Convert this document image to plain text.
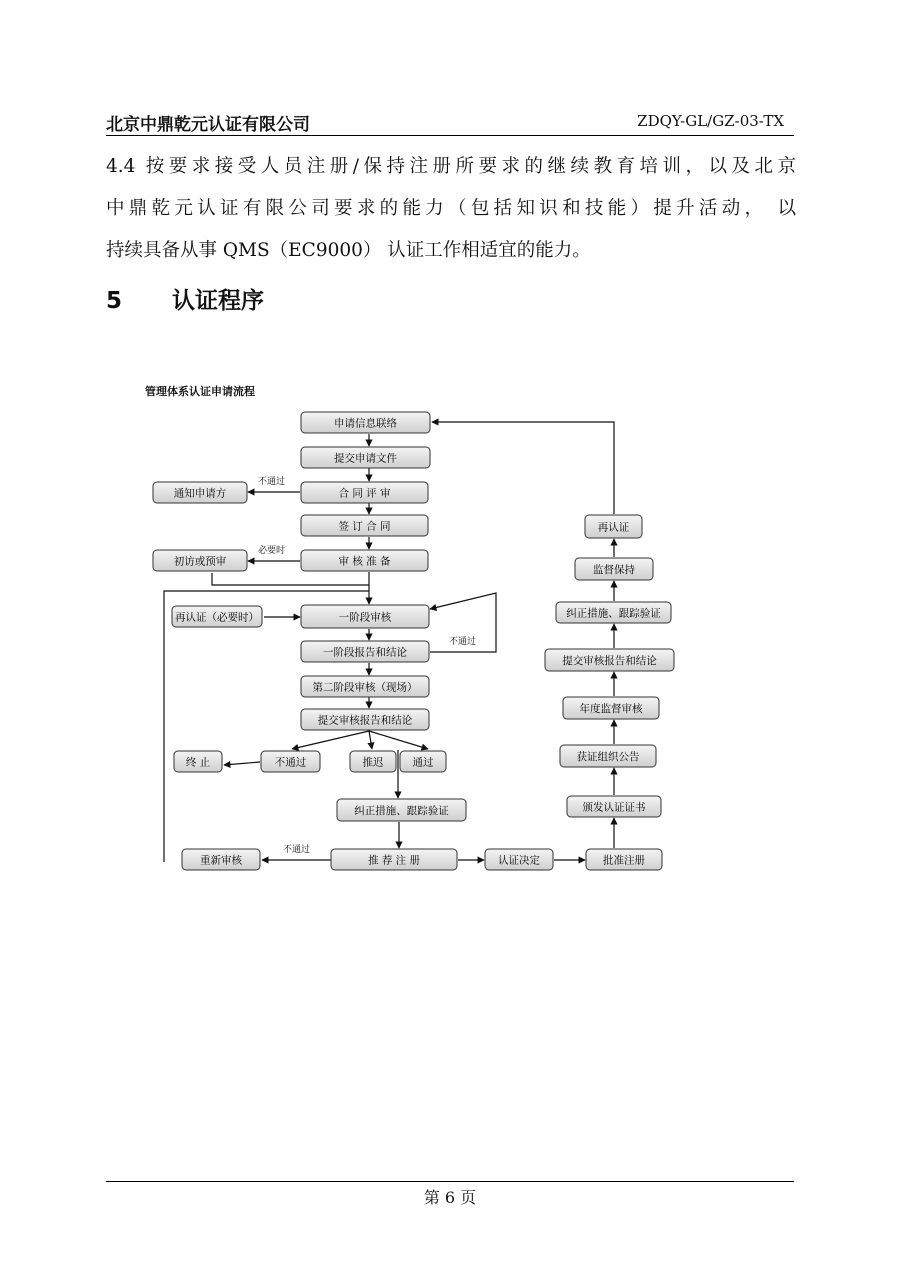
北京中鼎乾元认证有限公司	ZDQY-GL/GZ-03-TX
4.4 按要求接受人员注册/保持注册所要求的继续教育培训，以及北京
中鼎乾元认证有限公司要求的能力（包括知识和技能）提升活动， 以
持续具备从事 QMS（EC9000） 认证工作相适宜的能力。
5 认证程序
管理体系认证申请流程
不通过
必要时
不通过
不通过
申请信息联络
提交申请文件
合 同 评 审
通知申请方
签 订 合 同
审 核 准 备
初访或预审
再认证（必要时）	一阶段审核
一阶段报告和结论
第二阶段审核（现场）
提交审核报告和结论
终 止	不通过	推迟	通过
纠正措施、跟踪验证
重新审核	推 荐 注 册	认证决定	批准注册
颁发认证证书
获证组织公告
年度监督审核
提交审核报告和结论
纠正措施、跟踪验证
监督保持
再认证
第 6 页
